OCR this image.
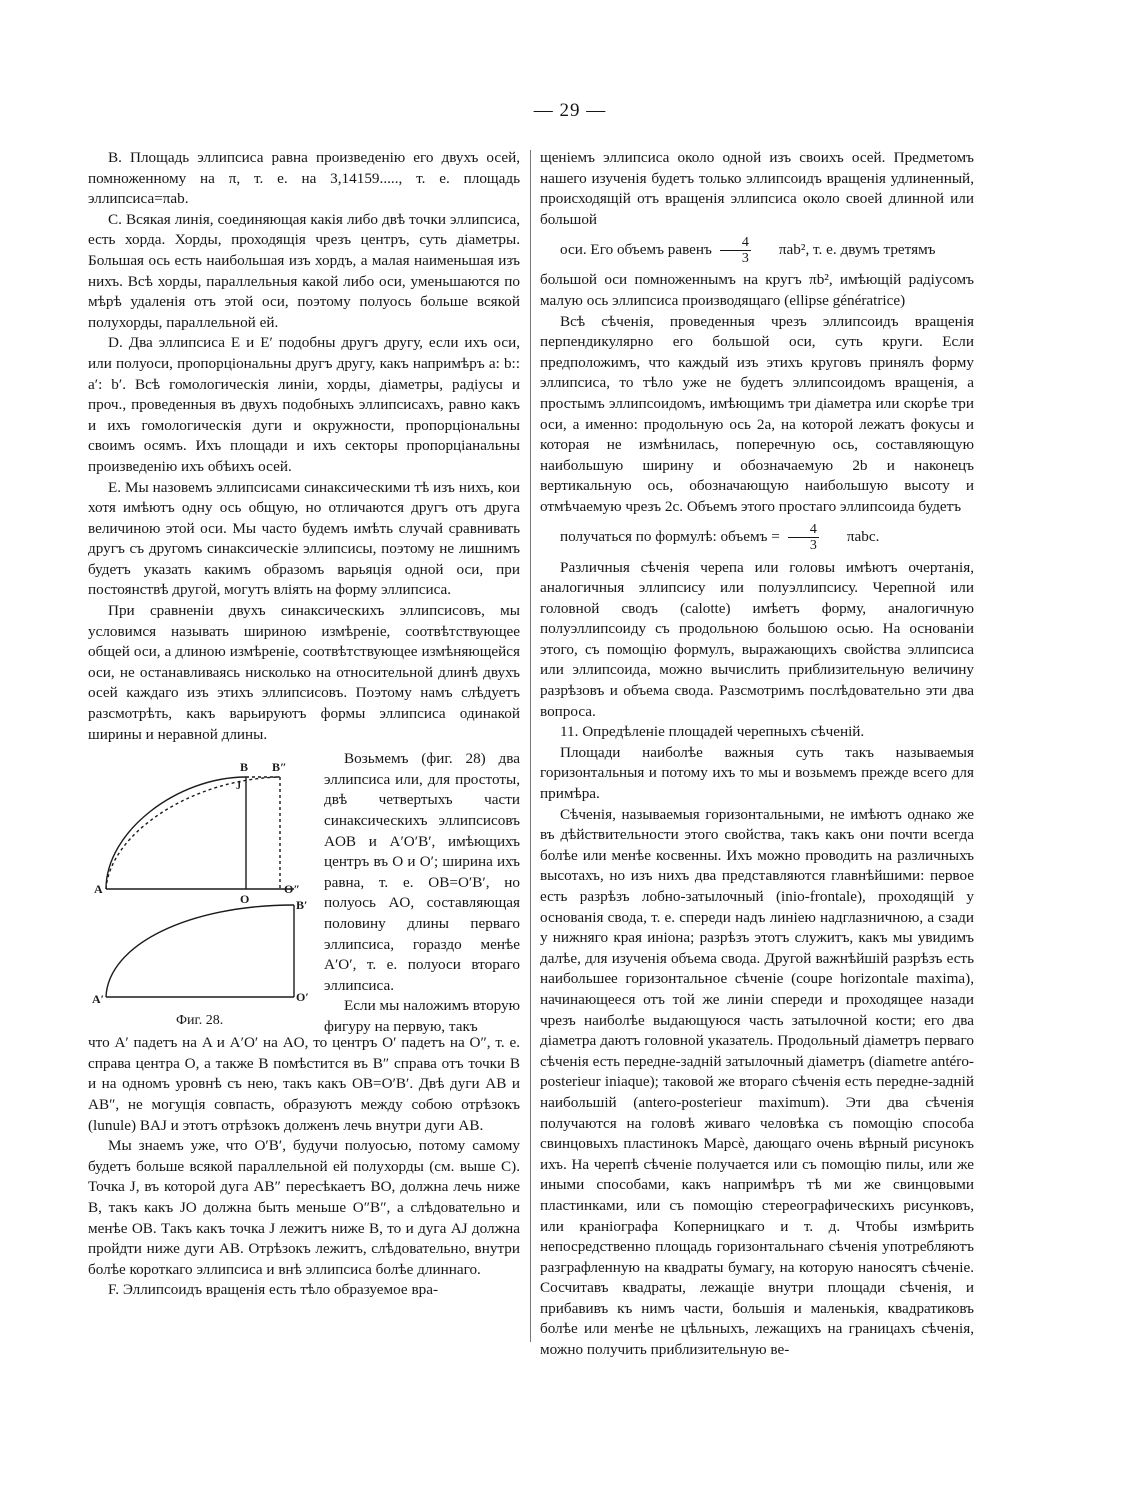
— 29 —

В. Площадь эллипсиса равна произведенію его двухъ осей, помноженному на π, т. е. на 3,14159....., т. е. площадь эллипсиса=πab.

С. Всякая линія, соединяющая какія либо двѣ точки эллипсиса, есть хорда. Хорды, проходящія чрезъ центръ, суть діаметры. Большая ось есть наибольшая изъ хордъ, а малая наименьшая изъ нихъ. Всѣ хорды, параллельныя какой либо оси, уменьшаются по мѣрѣ удаленія отъ этой оси, поэтому полуось больше всякой полухорды, параллельной ей.

D. Два эллипсиса E и E′ подобны другъ другу, если ихъ оси, или полуоси, пропорціональны другъ другу, какъ напримѣръ a: b:: a′: b′. Всѣ гомологическія линіи, хорды, діаметры, радіусы и проч., проведенныя въ двухъ подобныхъ эллипсисахъ, равно какъ и ихъ гомологическія дуги и окружности, пропорціональны своимъ осямъ. Ихъ площади и ихъ секторы пропорціанальны произведенію ихъ обѣихъ осей.

Е. Мы назовемъ эллипсисами синаксическими тѣ изъ нихъ, кои хотя имѣютъ одну ось общую, но отличаются другъ отъ друга величиною этой оси. Мы часто будемъ имѣть случай сравнивать другъ съ другомъ синаксическіе эллипсисы, поэтому не лишнимъ будетъ указать какимъ образомъ варьяція одной оси, при постоянствѣ другой, могутъ вліять на форму эллипсиса.

При сравненіи двухъ синаксическихъ эллипсисовъ, мы условимся называть шириною измѣреніе, соотвѣтствующее общей оси, а длиною измѣреніе, соотвѣтствующее измѣняющейся оси, не останавливаясь нисколько на относительной длинѣ двухъ осей каждаго изъ этихъ эллипсисовъ. Поэтому намъ слѣдуетъ разсмотрѣть, какъ варьируютъ формы эллипсиса одинакой ширины и неравной длины.

B B″
J
A
O
O″
B′
A′	O′
Фиг. 28.

Возьмемъ (фиг. 28) два эллипсиса или, для простоты, двѣ четвертыхъ части синаксическихъ эллипсисовъ AOB и A′O′B′, имѣющихъ центръ въ O и O′; ширина ихъ равна, т. е. OB=O′B′, но полуось AO, составляющая половину длины перваго эллипсиса, гораздо менѣе A′O′, т. е. полуоси втораго эллипсиса.

Если мы наложимъ вторую фигуру на первую, такъ

что A′ падетъ на A и A′O′ на AO, то центръ O′ падетъ на O″, т. е. справа центра O, а также B помѣстится въ B″ справа отъ точки B и на одномъ уровнѣ съ нею, такъ какъ OB=O′B′. Двѣ дуги AB и AB″, не могущія совпасть, образуютъ между собою отрѣзокъ (lunule) BAJ и этотъ отрѣзокъ долженъ лечь внутри дуги AB.

Мы знаемъ уже, что O′B′, будучи полуосью, потому самому будетъ больше всякой параллельной ей полухорды (см. выше C). Точка J, въ которой дуга AB″ пересѣкаетъ BO, должна лечь ниже B, такъ какъ JO должна быть меньше O″B″, а слѣдовательно и менѣе OB. Такъ какъ точка J лежитъ ниже B, то и дуга AJ должна пройдти ниже дуги AB. Отрѣзокъ лежитъ, слѣдовательно, внутри болѣе короткаго эллипсиса и внѣ эллипсиса болѣе длиннаго.

F. Эллипсоидъ вращенія есть тѣло образуемое вра-

щеніемъ эллипсиса около одной изъ своихъ осей. Предметомъ нашего изученія будетъ только эллипсоидъ вращенія удлиненный, происходящій отъ вращенія эллипсиса около своей длинной или большой

оси. Его объемъ равенъ $\frac{4}{3}$	πab², т. е. двумъ третямъ

большой оси помноженнымъ на кругъ πb², имѣющій радіусомъ малую ось эллипсиса производящаго (ellipse génératrice)

Всѣ сѣченія, проведенныя чрезъ эллипсоидъ вращенія перпендикулярно его большой оси, суть круги. Если предположимъ, что каждый изъ этихъ круговъ принялъ форму эллипсиса, то тѣло уже не будетъ эллипсоидомъ вращенія, а простымъ эллипсоидомъ, имѣющимъ три діаметра или скорѣе три оси, а именно: продольную ось 2a, на которой лежатъ фокусы и которая не измѣнилась, поперечную ось, составляющую наибольшую ширину и обозначаемую 2b и наконецъ вертикальную ось, обозначающую наибольшую высоту и отмѣчаемую чрезъ 2c. Объемъ этого простаго эллипсоида будетъ

получаться по формулѣ: объемъ = $\frac{4}{3}$	πabc.

Различныя сѣченія черепа или головы имѣютъ очертанія, аналогичныя эллипсису или полуэллипсису. Черепной или головной сводъ (calotte) имѣетъ форму, аналогичную полуэллипсоиду съ продольною большою осью. На основаніи этого, съ помощію формулъ, выражающихъ свойства эллипсиса или эллипсоида, можно вычислить приблизительную величину разрѣзовъ и объема свода. Разсмотримъ послѣдовательно эти два вопроса.

11. Опредѣленіе площадей черепныхъ сѣченій.

Площади наиболѣе важныя суть такъ называемыя горизонтальныя и потому ихъ то мы и возьмемъ прежде всего для примѣра.

Сѣченія, называемыя горизонтальными, не имѣютъ однако же въ дѣйствительности этого свойства, такъ какъ они почти всегда болѣе или менѣе косвенны. Ихъ можно проводить на различныхъ высотахъ, но изъ нихъ два представляются главнѣйшими: первое есть разрѣзъ лобно-затылочный (inio-frontale), проходящій у основанія свода, т. е. спереди надъ линіею надглазничною, а сзади у нижняго края иніона; разрѣзъ этотъ служитъ, какъ мы увидимъ далѣе, для изученія объема свода. Другой важнѣйшій разрѣзъ есть наибольшее горизонтальное сѣченіе (coupe horizontale maxima), начинающееся отъ той же линіи спереди и проходящее назади чрезъ наиболѣе выдающуюся часть затылочной кости; его два діаметра даютъ головной указатель. Продольный діаметръ перваго сѣченія есть передне-задній затылочный діаметръ (diametre antéro-posterieur iniaque); таковой же втораго сѣченія есть передне-задній наибольшій (antero-posterieur maximum). Эти два сѣченія получаются на головѣ живаго человѣка съ помощію способа свинцовыхъ пластинокъ Марсè, дающаго очень вѣрный рисунокъ ихъ. На черепѣ сѣченіе получается или съ помощію пилы, или же иными способами, какъ напримѣръ тѣ ми же свинцовыми пластинками, или съ помощію стереографическихъ рисунковъ, или краніографа Коперницкаго и т. д. Чтобы измѣрить непосредственно площадь горизонтальнаго сѣченія употребляютъ разграфленную на квадраты бумагу, на которую наносятъ сѣченіе. Сосчитавъ квадраты, лежащіе внутри площади сѣченія, и прибавивъ къ нимъ части, большія и маленькія, квадратиковъ болѣе или менѣе не цѣльныхъ, лежащихъ на границахъ сѣченія, можно получить приблизительную ве-
